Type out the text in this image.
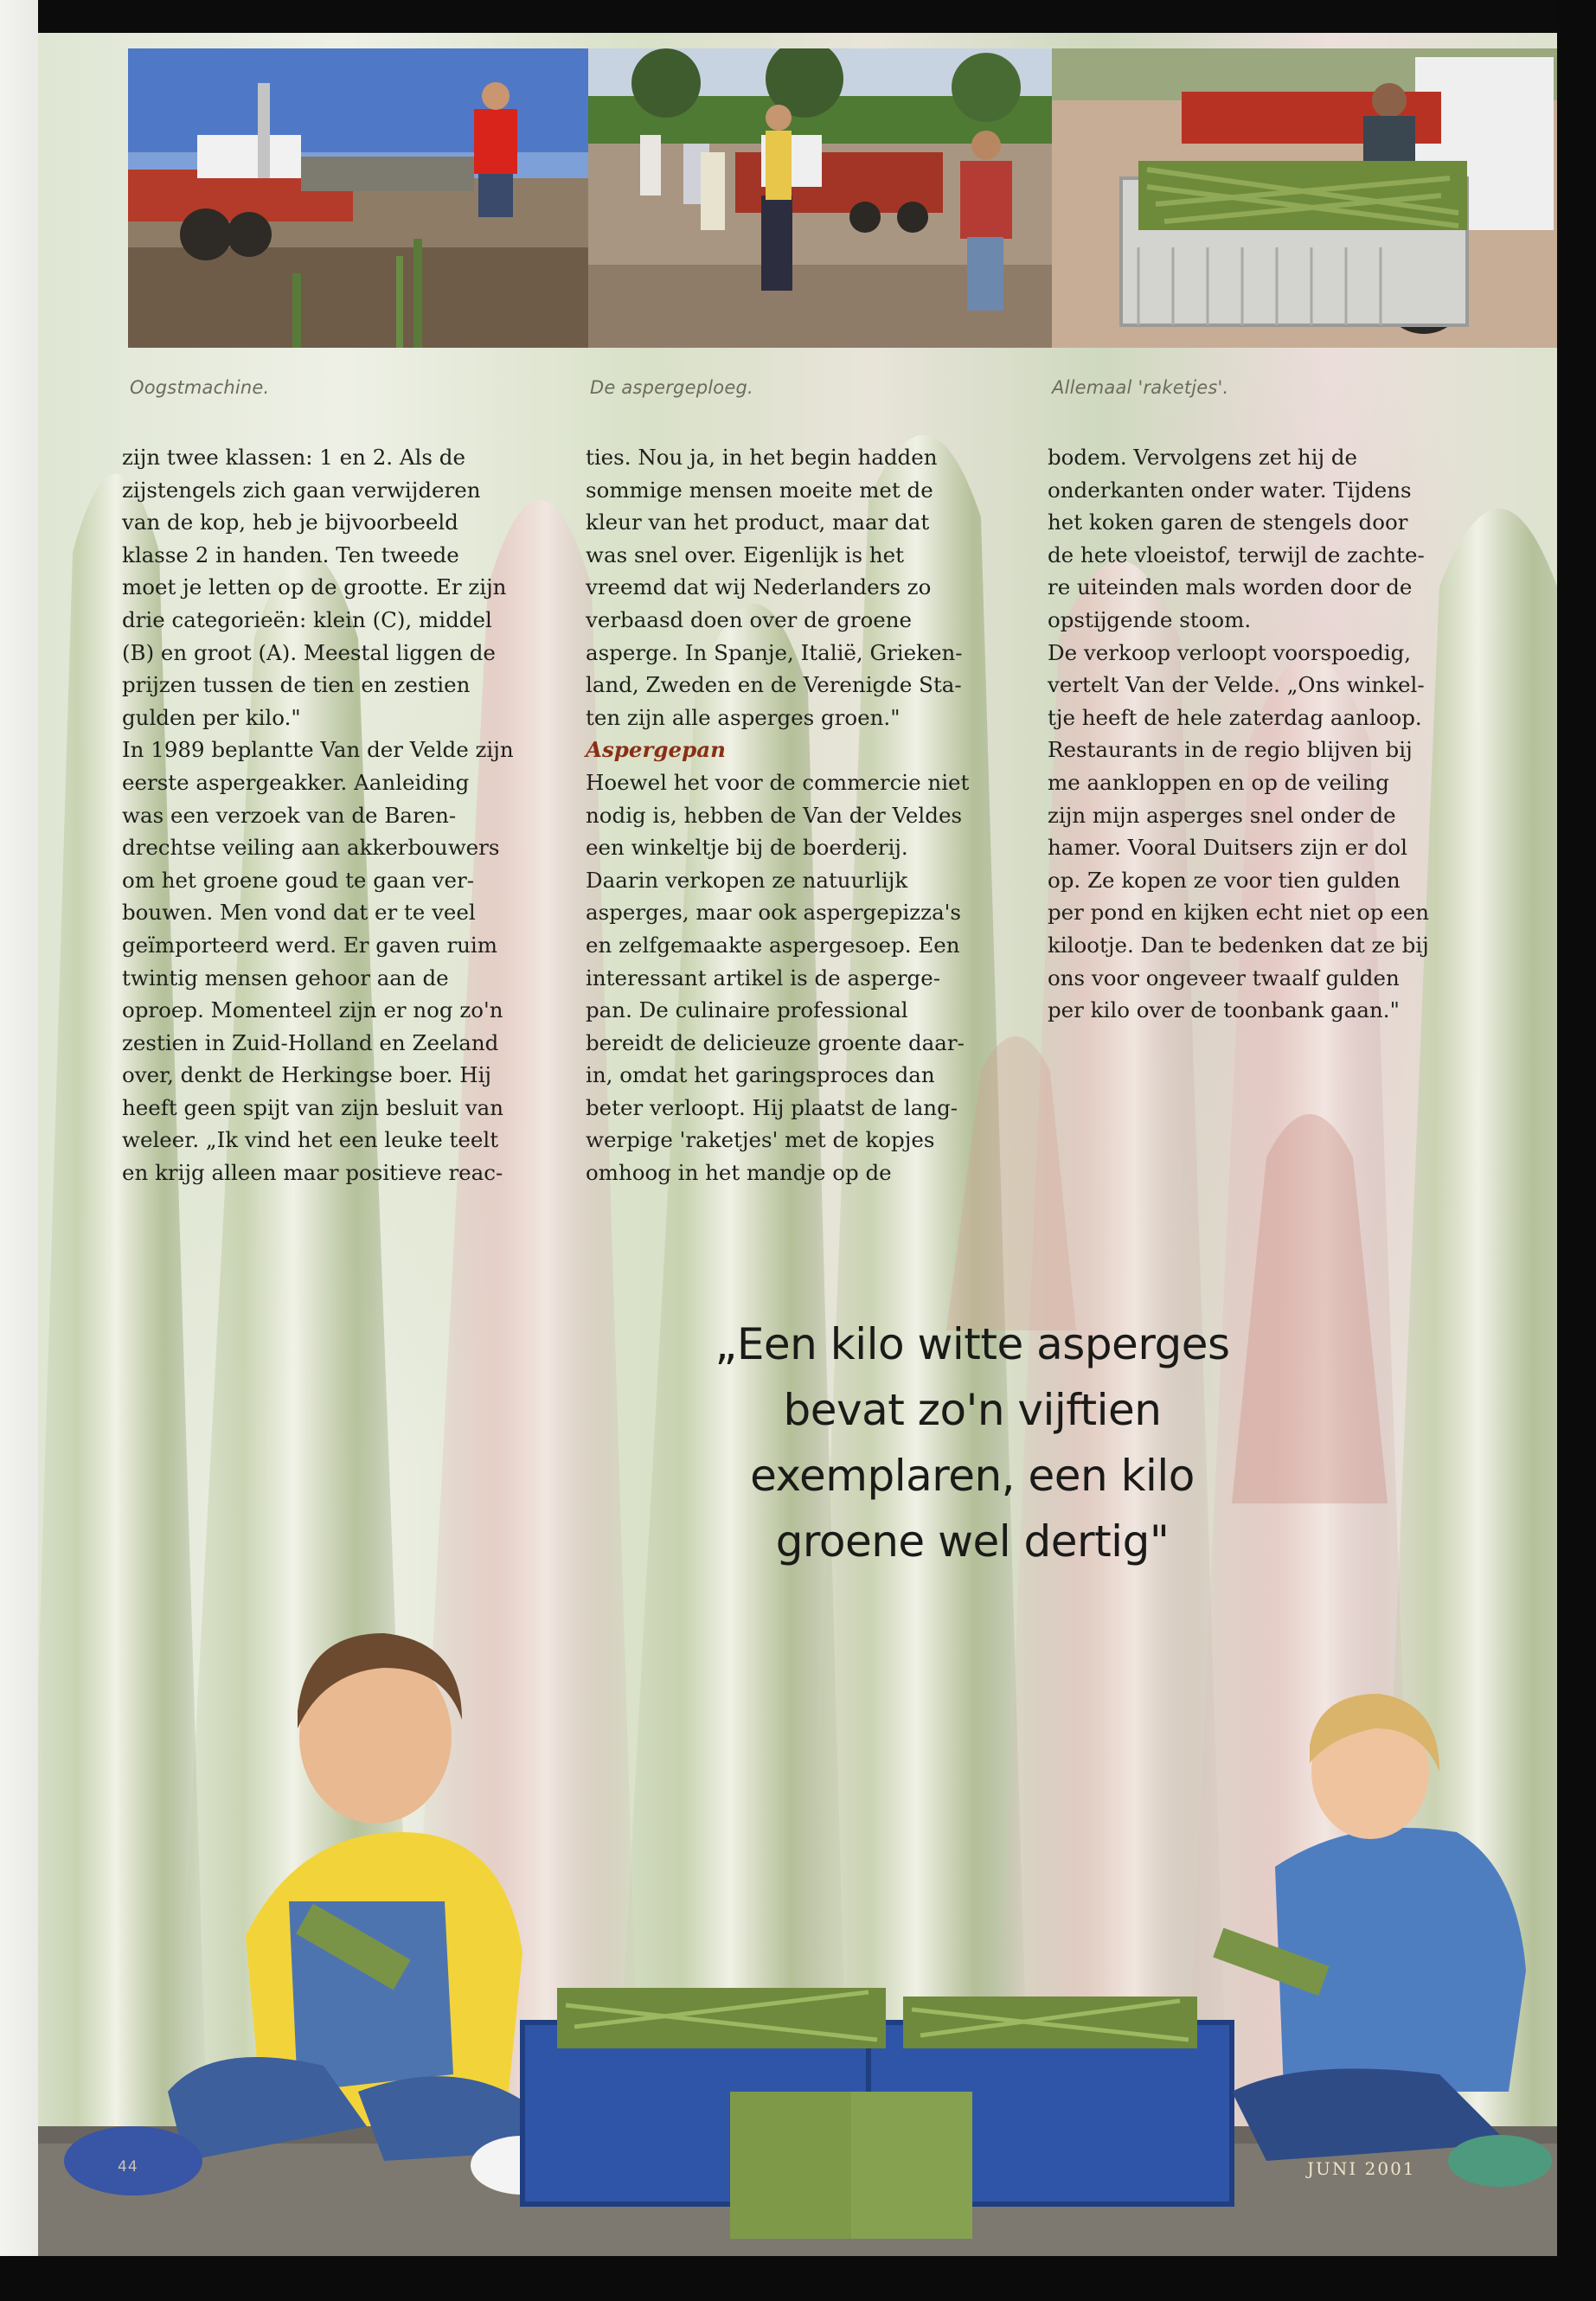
Oogstmachine.	De aspergeploeg.	Allemaal 'raketjes'.
zijn twee klassen: 1 en 2. Als de
zijstengels zich gaan verwijderen
van de kop, heb je bijvoorbeeld
klasse 2 in handen. Ten tweede
moet je letten op de grootte. Er zijn
drie categorieën: klein (C), middel
(B) en groot (A). Meestal liggen de
prijzen tussen de tien en zestien
gulden per kilo."
In 1989 beplantte Van der Velde zijn
eerste aspergeakker. Aanleiding
was een verzoek van de Baren-
drechtse veiling aan akkerbouwers
om het groene goud te gaan ver-
bouwen. Men vond dat er te veel
geïmporteerd werd. Er gaven ruim
twintig mensen gehoor aan de
oproep. Momenteel zijn er nog zo'n
zestien in Zuid-Holland en Zeeland
over, denkt de Herkingse boer. Hij
heeft geen spijt van zijn besluit van
weleer. „Ik vind het een leuke teelt
en krijg alleen maar positieve reac-
ties. Nou ja, in het begin hadden
sommige mensen moeite met de
kleur van het product, maar dat
was snel over. Eigenlijk is het
vreemd dat wij Nederlanders zo
verbaasd doen over de groene
asperge. In Spanje, Italië, Grieken-
land, Zweden en de Verenigde Sta-
ten zijn alle asperges groen."
Aspergepan
Hoewel het voor de commercie niet
nodig is, hebben de Van der Veldes
een winkeltje bij de boerderij.
Daarin verkopen ze natuurlijk
asperges, maar ook aspergepizza's
en zelfgemaakte aspergesoep. Een
interessant artikel is de asperge-
pan. De culinaire professional
bereidt de delicieuze groente daar-
in, omdat het garingsproces dan
beter verloopt. Hij plaatst de lang-
werpige 'raketjes' met de kopjes
omhoog in het mandje op de
bodem. Vervolgens zet hij de
onderkanten onder water. Tijdens
het koken garen de stengels door
de hete vloeistof, terwijl de zachte-
re uiteinden mals worden door de
opstijgende stoom.
De verkoop verloopt voorspoedig,
vertelt Van der Velde. „Ons winkel-
tje heeft de hele zaterdag aanloop.
Restaurants in de regio blijven bij
me aankloppen en op de veiling
zijn mijn asperges snel onder de
hamer. Vooral Duitsers zijn er dol
op. Ze kopen ze voor tien gulden
per pond en kijken echt niet op een
kilootje. Dan te bedenken dat ze bij
ons voor ongeveer twaalf gulden
per kilo over de toonbank gaan."
„Een kilo witte asperges
bevat zo'n vijftien
exemplaren, een kilo
groene wel dertig"
44	JUNI 2001
